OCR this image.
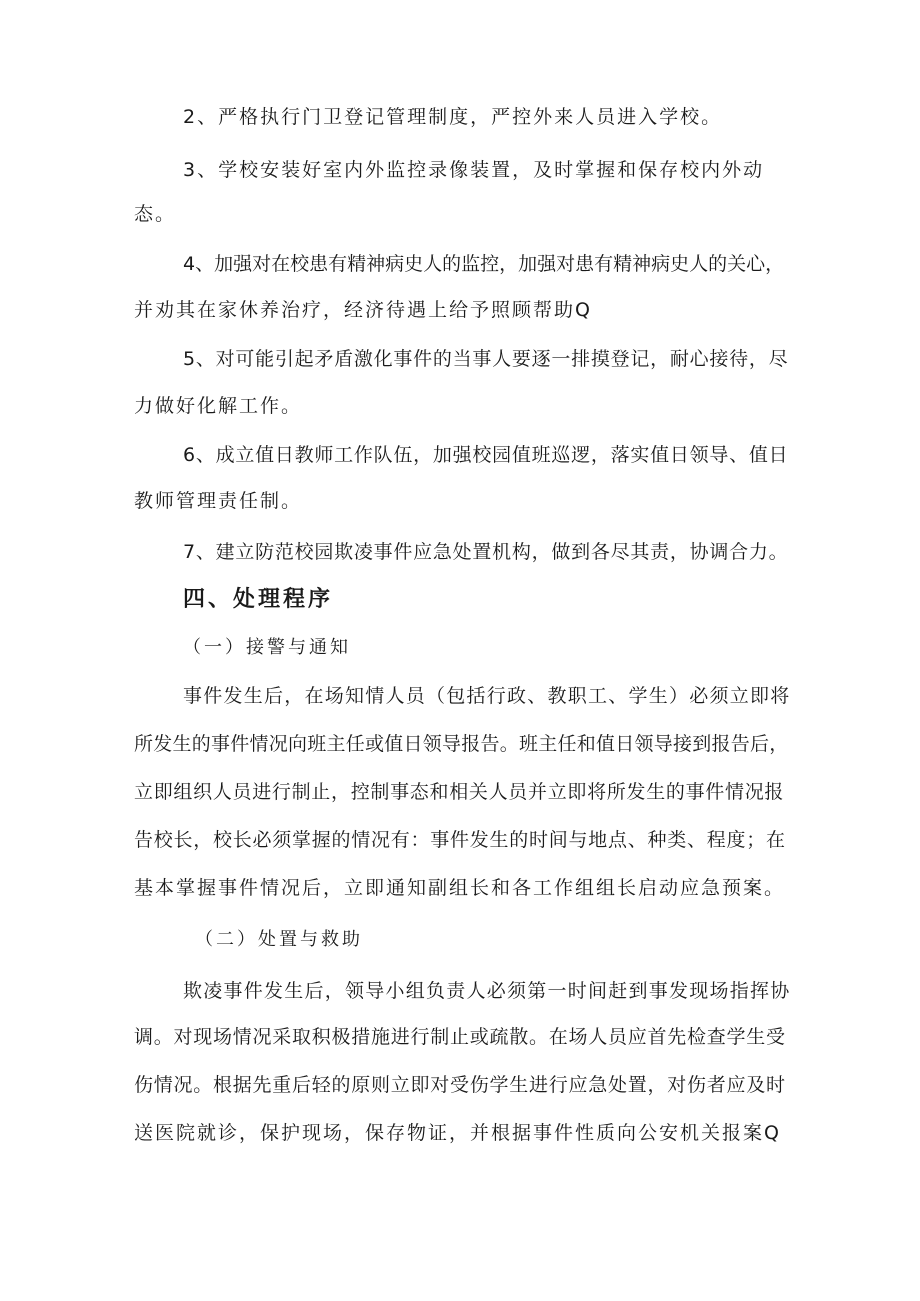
2、严格执行门卫登记管理制度，严控外来人员进入学校。

3、学校安装好室内外监控录像装置，及时掌握和保存校内外动

态。

4、加强对在校患有精神病史人的监控，加强对患有精神病史人的关心，

并劝其在家休养治疗，经济待遇上给予照顾帮助Q

5、对可能引起矛盾激化事件的当事人要逐一排摸登记，耐心接待，尽

力做好化解工作。

6、成立值日教师工作队伍，加强校园值班巡逻，落实值日领导、值日

教师管理责任制。

7、建立防范校园欺凌事件应急处置机构，做到各尽其责，协调合力。

四、处理程序

（一）接警与通知

事件发生后，在场知情人员（包括行政、教职工、学生）必须立即将

所发生的事件情况向班主任或值日领导报告。班主任和值日领导接到报告后，

立即组织人员进行制止，控制事态和相关人员并立即将所发生的事件情况报

告校长，校长必须掌握的情况有：事件发生的时间与地点、种类、程度；在

基本掌握事件情况后，立即通知副组长和各工作组组长启动应急预案。

（二）处置与救助

欺凌事件发生后，领导小组负责人必须第一时间赶到事发现场指挥协

调。对现场情况采取积极措施进行制止或疏散。在场人员应首先检查学生受

伤情况。根据先重后轻的原则立即对受伤学生进行应急处置，对伤者应及时

送医院就诊，保护现场，保存物证，并根据事件性质向公安机关报案Q
